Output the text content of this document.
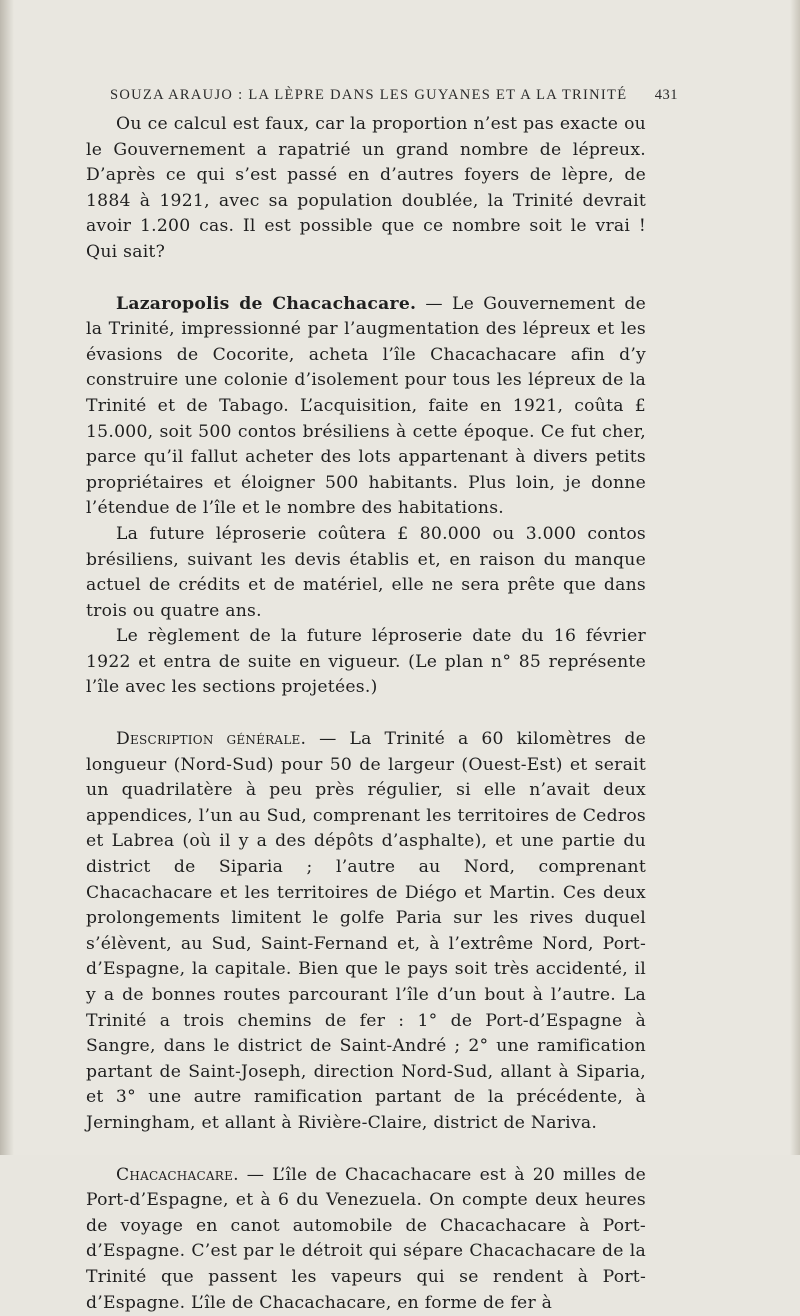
SOUZA ARAUJO : LA LÈPRE DANS LES GUYANES ET A LA TRINITÉ 431

Ou ce calcul est faux, car la proportion n’est pas exacte ou le Gouvernement a rapatrié un grand nombre de lépreux. D’après ce qui s’est passé en d’autres foyers de lèpre, de 1884 à 1921, avec sa population doublée, la Trinité devrait avoir 1.200 cas. Il est possible que ce nombre soit le vrai ! Qui sait?

Lazaropolis de Chacachacare. — Le Gouvernement de la Trinité, impressionné par l’augmentation des lépreux et les évasions de Cocorite, acheta l’île Chacachacare afin d’y construire une colonie d’isolement pour tous les lépreux de la Trinité et de Tabago. L’acquisition, faite en 1921, coûta £ 15.000, soit 500 contos brésiliens à cette époque. Ce fut cher, parce qu’il fallut acheter des lots appartenant à divers petits propriétaires et éloigner 500 habitants. Plus loin, je donne l’étendue de l’île et le nombre des habitations.

La future léproserie coûtera £ 80.000 ou 3.000 contos brésiliens, suivant les devis établis et, en raison du manque actuel de crédits et de matériel, elle ne sera prête que dans trois ou quatre ans.

Le règlement de la future léproserie date du 16 février 1922 et entra de suite en vigueur. (Le plan n° 85 représente l’île avec les sections projetées.)

Description générale. — La Trinité a 60 kilomètres de longueur (Nord-Sud) pour 50 de largeur (Ouest-Est) et serait un quadrilatère à peu près régulier, si elle n’avait deux appendices, l’un au Sud, comprenant les territoires de Cedros et Labrea (où il y a des dépôts d’asphalte), et une partie du district de Siparia ; l’autre au Nord, comprenant Chacachacare et les territoires de Diégo et Martin. Ces deux prolongements limitent le golfe Paria sur les rives duquel s’élèvent, au Sud, Saint-Fernand et, à l’extrême Nord, Port-d’Espagne, la capitale. Bien que le pays soit très accidenté, il y a de bonnes routes parcourant l’île d’un bout à l’autre. La Trinité a trois chemins de fer : 1° de Port-d’Espagne à Sangre, dans le district de Saint-André ; 2° une ramification partant de Saint-Joseph, direction Nord-Sud, allant à Siparia, et 3° une autre ramification partant de la précédente, à Jerningham, et allant à Rivière-Claire, district de Nariva.

Chacachacare. — L’île de Chacachacare est à 20 milles de Port-d’Espagne, et à 6 du Venezuela. On compte deux heures de voyage en canot automobile de Chacachacare à Port-d’Espagne. C’est par le détroit qui sépare Chacachacare de la Trinité que passent les vapeurs qui se rendent à Port-d’Espagne. L’île de Chacachacare, en forme de fer à
